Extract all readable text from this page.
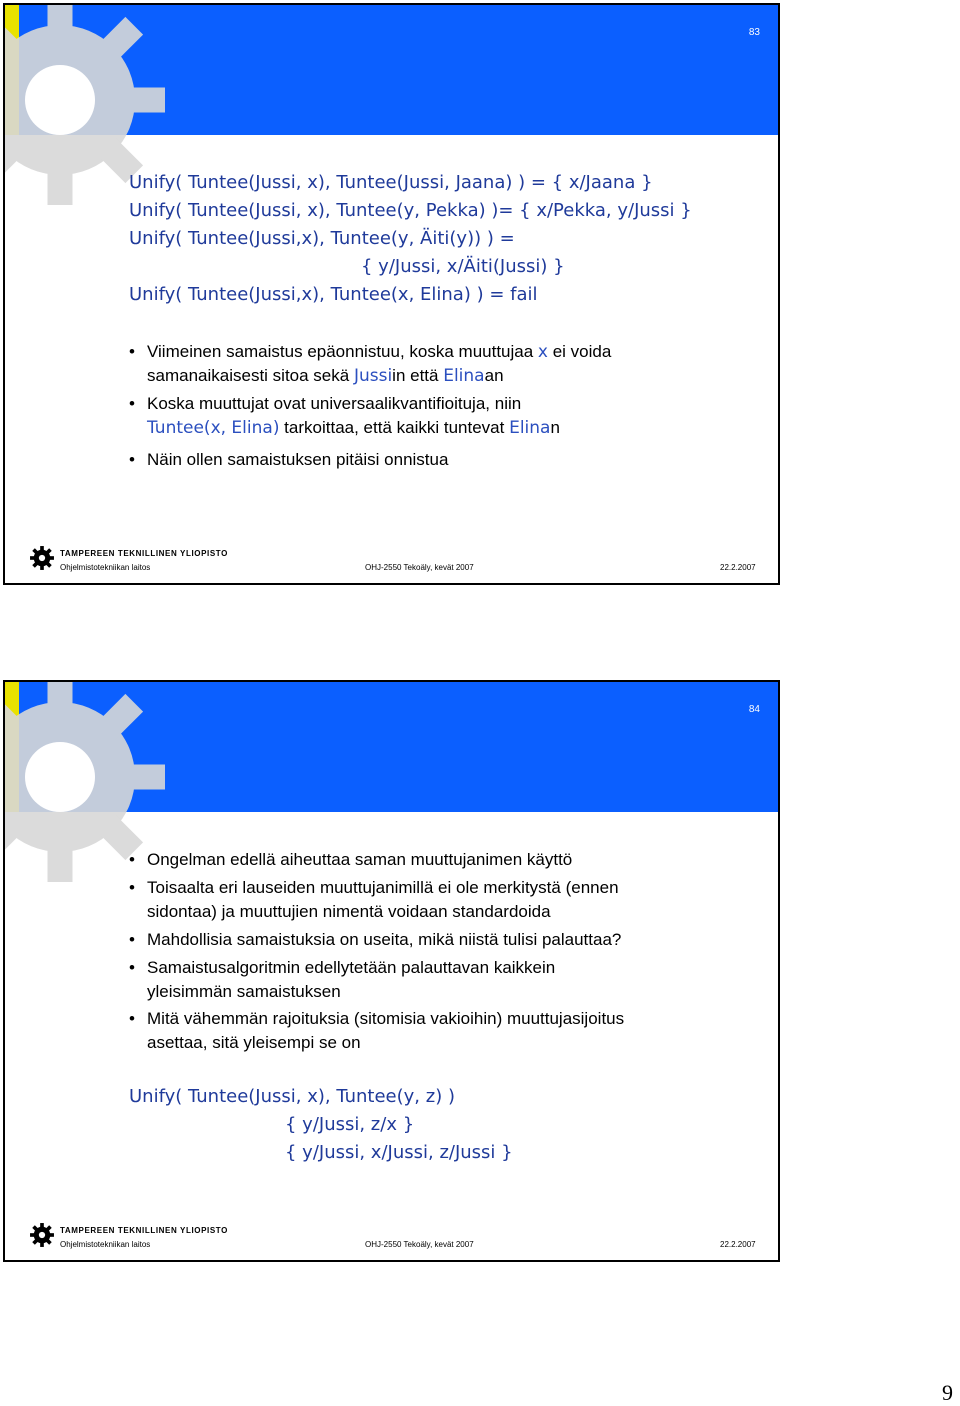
83
Unify( Tuntee(Jussi, x), Tuntee(Jussi, Jaana) ) = { x/Jaana }
Unify( Tuntee(Jussi, x), Tuntee(y, Pekka) )= { x/Pekka, y/Jussi }
Unify( Tuntee(Jussi,x), Tuntee(y, Äiti(y)) ) =
{ y/Jussi, x/Äiti(Jussi) }
Unify( Tuntee(Jussi,x), Tuntee(x, Elina) ) = fail
• Viimeinen samaistus epäonnistuu, koska muuttujaa x ei voida
samanaikaisesti sitoa sekä Jussiin että Elinaan
• Koska muuttujat ovat universaalikvantifioituja, niin
Tuntee(x, Elina) tarkoittaa, että kaikki tuntevat Elinan
• Näin ollen samaistuksen pitäisi onnistua
TAMPEREEN TEKNILLINEN YLIOPISTO
Ohjelmistotekniikan laitos	OHJ-2550 Tekoäly, kevät 2007	22.2.2007
84
• Ongelman edellä aiheuttaa saman muuttujanimen käyttö
• Toisaalta eri lauseiden muuttujanimillä ei ole merkitystä (ennen
sidontaa) ja muuttujien nimentä voidaan standardoida
• Mahdollisia samaistuksia on useita, mikä niistä tulisi palauttaa?
• Samaistusalgoritmin edellytetään palauttavan kaikkein
yleisimmän samaistuksen
• Mitä vähemmän rajoituksia (sitomisia vakioihin) muuttujasijoitus
asettaa, sitä yleisempi se on
Unify( Tuntee(Jussi, x), Tuntee(y, z) )
{ y/Jussi, z/x }
{ y/Jussi, x/Jussi, z/Jussi }
TAMPEREEN TEKNILLINEN YLIOPISTO
Ohjelmistotekniikan laitos	OHJ-2550 Tekoäly, kevät 2007	22.2.2007
9
